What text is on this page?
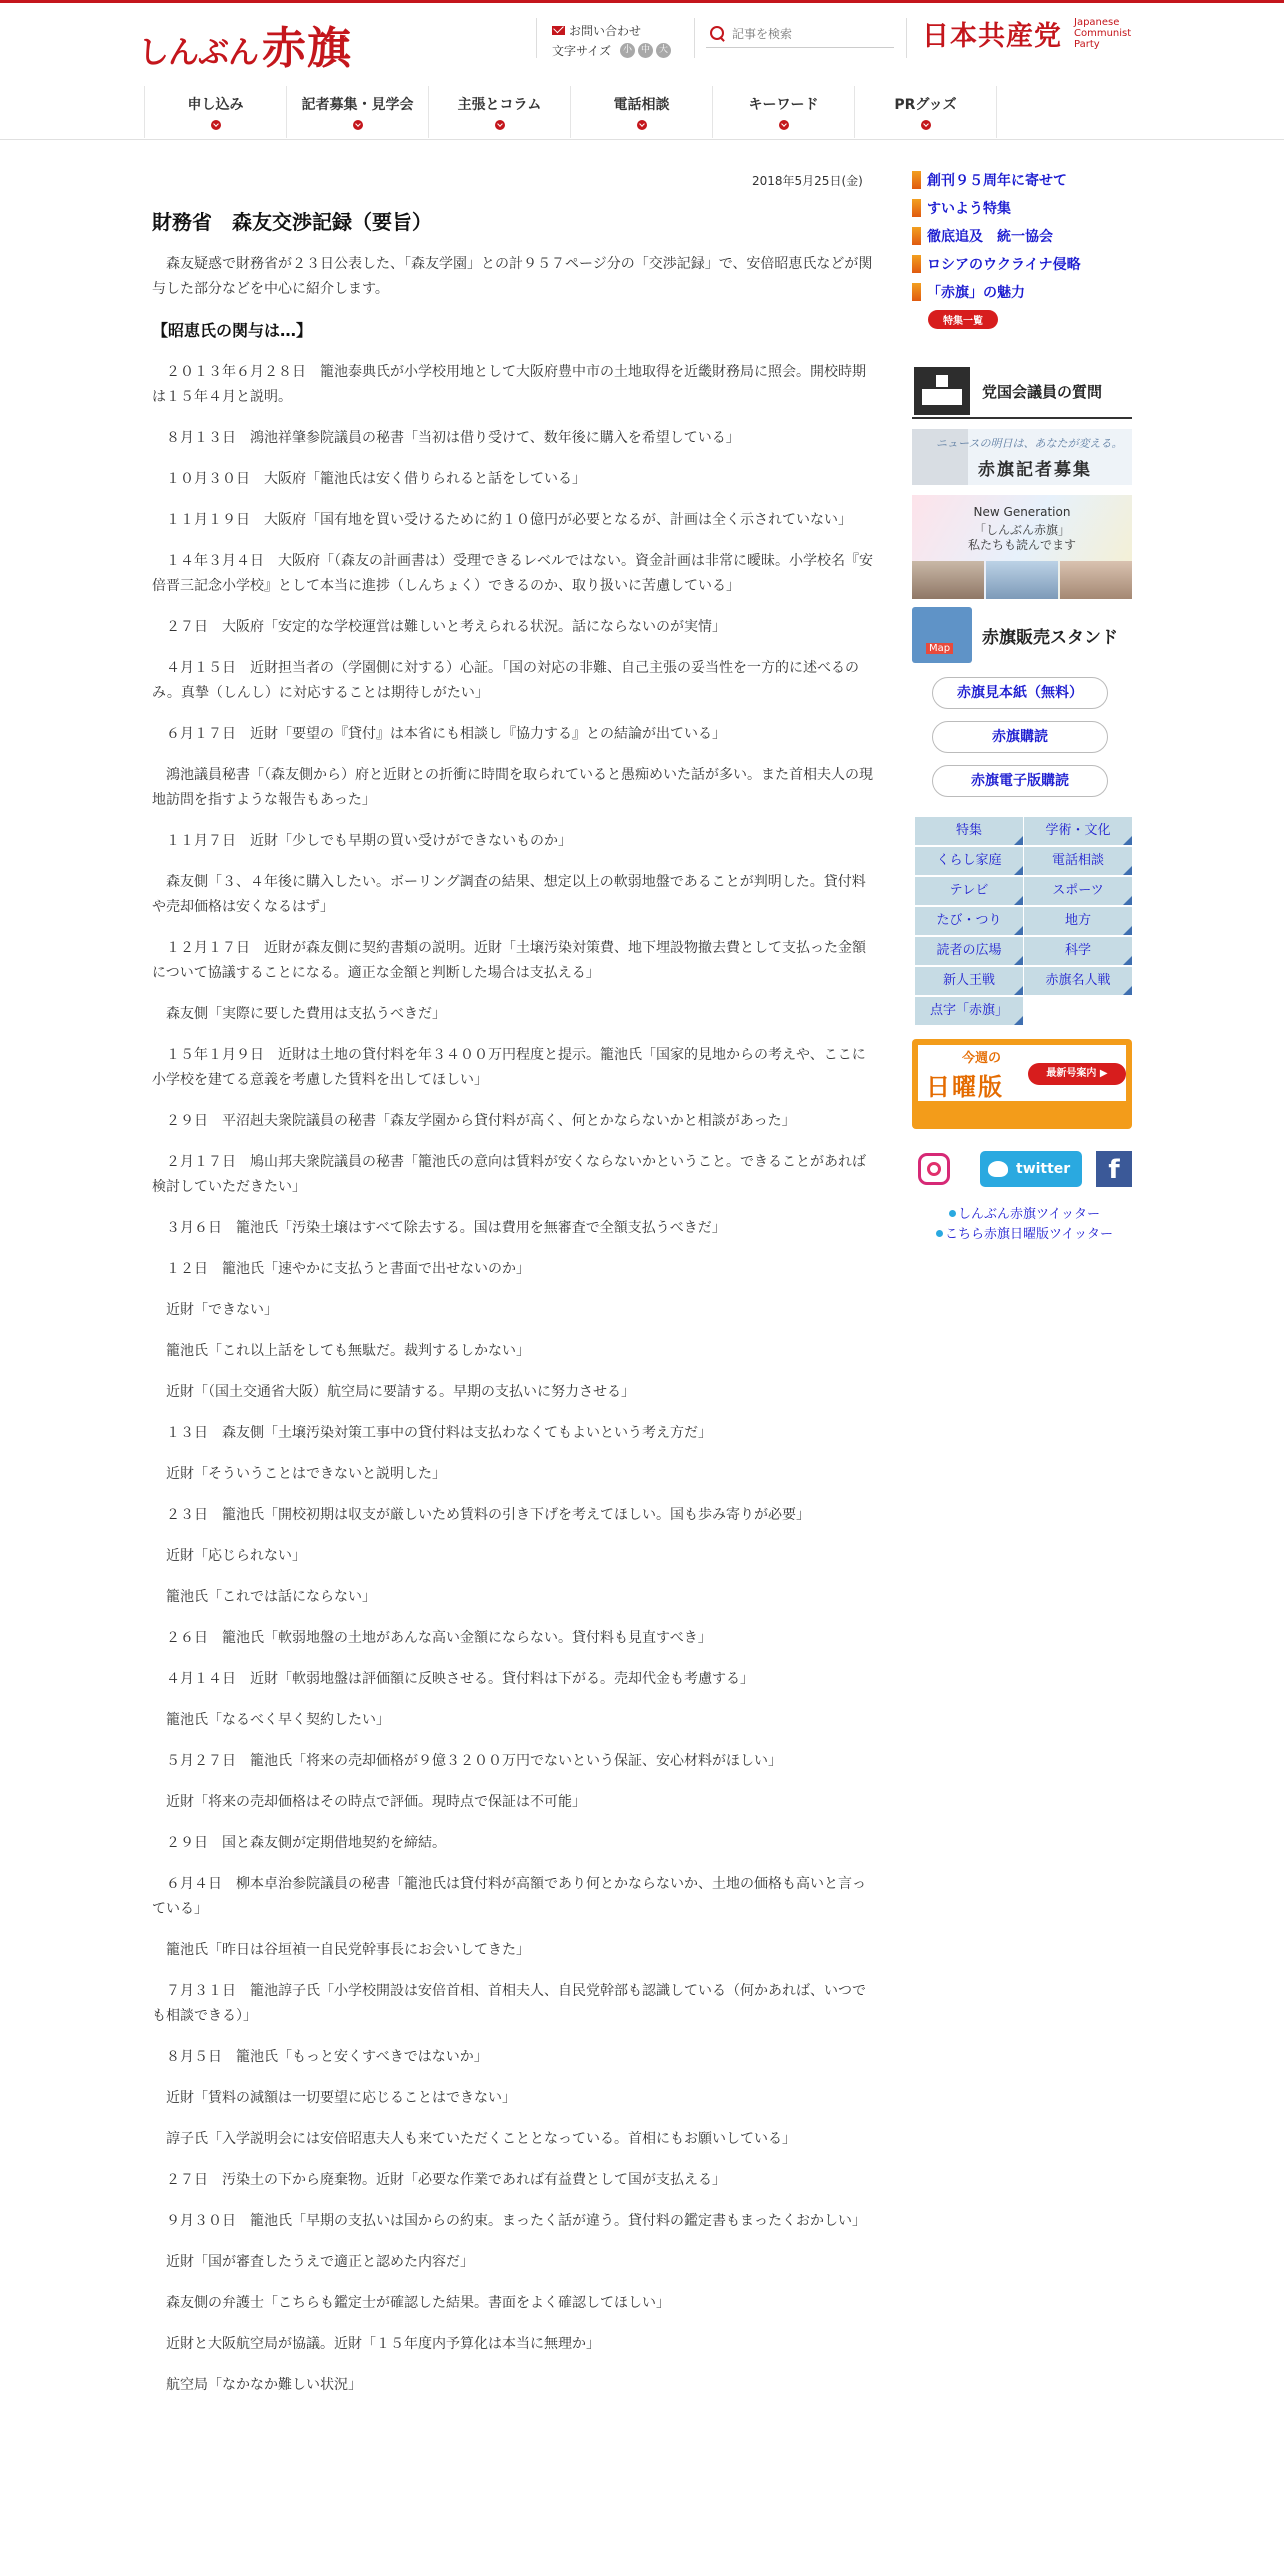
しんぶん 赤旗	お問い合わせ
文字サイズ	小 中 大
記事を検索	日本共産党 Japanese
Communist
Party
申し込み	記者募集・見学会	主張とコラム	電話相談	キーワード	PRグッズ
2018年5月25日(金)
財務省　森友交渉記録（要旨）

森友疑惑で財務省が２３日公表した、「森友学園」との計９５７ページ分の「交渉記録」で、安倍昭恵氏などが関与した部分などを中心に紹介します。

【昭恵氏の関与は…】

２０１３年６月２８日　籠池泰典氏が小学校用地として大阪府豊中市の土地取得を近畿財務局に照会。開校時期は１５年４月と説明。

８月１３日　鴻池祥肇参院議員の秘書「当初は借り受けて、数年後に購入を希望している」

１０月３０日　大阪府「籠池氏は安く借りられると話をしている」

１１月１９日　大阪府「国有地を買い受けるために約１０億円が必要となるが、計画は全く示されていない」

１４年３月４日　大阪府「（森友の計画書は）受理できるレベルではない。資金計画は非常に曖昧。小学校名『安倍晋三記念小学校』として本当に進捗（しんちょく）できるのか、取り扱いに苦慮している」

２７日　大阪府「安定的な学校運営は難しいと考えられる状況。話にならないのが実情」

４月１５日　近財担当者の（学園側に対する）心証。「国の対応の非難、自己主張の妥当性を一方的に述べるのみ。真摯（しんし）に対応することは期待しがたい」

６月１７日　近財「要望の『貸付』は本省にも相談し『協力する』との結論が出ている」

鴻池議員秘書「（森友側から）府と近財との折衝に時間を取られていると愚痴めいた話が多い。また首相夫人の現地訪問を指すような報告もあった」

１１月７日　近財「少しでも早期の買い受けができないものか」

森友側「３、４年後に購入したい。ボーリング調査の結果、想定以上の軟弱地盤であることが判明した。貸付料や売却価格は安くなるはず」

１２月１７日　近財が森友側に契約書類の説明。近財「土壌汚染対策費、地下埋設物撤去費として支払った金額について協議することになる。適正な金額と判断した場合は支払える」

森友側「実際に要した費用は支払うべきだ」

１５年１月９日　近財は土地の貸付料を年３４００万円程度と提示。籠池氏「国家的見地からの考えや、ここに小学校を建てる意義を考慮した賃料を出してほしい」

２９日　平沼赳夫衆院議員の秘書「森友学園から貸付料が高く、何とかならないかと相談があった」

２月１７日　鳩山邦夫衆院議員の秘書「籠池氏の意向は賃料が安くならないかということ。できることがあれば検討していただきたい」

３月６日　籠池氏「汚染土壌はすべて除去する。国は費用を無審査で全額支払うべきだ」

１２日　籠池氏「速やかに支払うと書面で出せないのか」

近財「できない」

籠池氏「これ以上話をしても無駄だ。裁判するしかない」

近財「（国土交通省大阪）航空局に要請する。早期の支払いに努力させる」

１３日　森友側「土壌汚染対策工事中の貸付料は支払わなくてもよいという考え方だ」

近財「そういうことはできないと説明した」

２３日　籠池氏「開校初期は収支が厳しいため賃料の引き下げを考えてほしい。国も歩み寄りが必要」

近財「応じられない」

籠池氏「これでは話にならない」

２６日　籠池氏「軟弱地盤の土地があんな高い金額にならない。貸付料も見直すべき」

４月１４日　近財「軟弱地盤は評価額に反映させる。貸付料は下がる。売却代金も考慮する」

籠池氏「なるべく早く契約したい」

５月２７日　籠池氏「将来の売却価格が９億３２００万円でないという保証、安心材料がほしい」

近財「将来の売却価格はその時点で評価。現時点で保証は不可能」

２９日　国と森友側が定期借地契約を締結。

６月４日　柳本卓治参院議員の秘書「籠池氏は貸付料が高額であり何とかならないか、土地の価格も高いと言っている」

籠池氏「昨日は谷垣禎一自民党幹事長にお会いしてきた」

７月３１日　籠池諄子氏「小学校開設は安倍首相、首相夫人、自民党幹部も認識している（何かあれば、いつでも相談できる）」

８月５日　籠池氏「もっと安くすべきではないか」

近財「賃料の減額は一切要望に応じることはできない」

諄子氏「入学説明会には安倍昭恵夫人も来ていただくこととなっている。首相にもお願いしている」

２７日　汚染土の下から廃棄物。近財「必要な作業であれば有益費として国が支払える」

９月３０日　籠池氏「早期の支払いは国からの約束。まったく話が違う。貸付料の鑑定書もまったくおかしい」

近財「国が審査したうえで適正と認めた内容だ」

森友側の弁護士「こちらも鑑定士が確認した結果。書面をよく確認してほしい」

近財と大阪航空局が協議。近財「１５年度内予算化は本当に無理か」

航空局「なかなか難しい状況」

創刊９５周年に寄せて
すいよう特集
徹底追及　統一協会
ロシアのウクライナ侵略
「赤旗」の魅力
特集一覧
党国会議員の質問
ニュースの明日は、あなたが変える。
赤旗記者募集
New Generation
「しんぶん赤旗」
私たちも読んでます
Map
赤旗販売スタンド
赤旗見本紙（無料）
赤旗購読
赤旗電子版購読
特集	学術・文化
くらし家庭	電話相談
テレビ	スポーツ
たび・つり	地方
読者の広場	科学
新人王戦	赤旗名人戦
点字「赤旗」
今週の
日曜版	最新号案内 ▶
twitter	f
しんぶん赤旗ツイッター
こちら赤旗日曜版ツイッター
